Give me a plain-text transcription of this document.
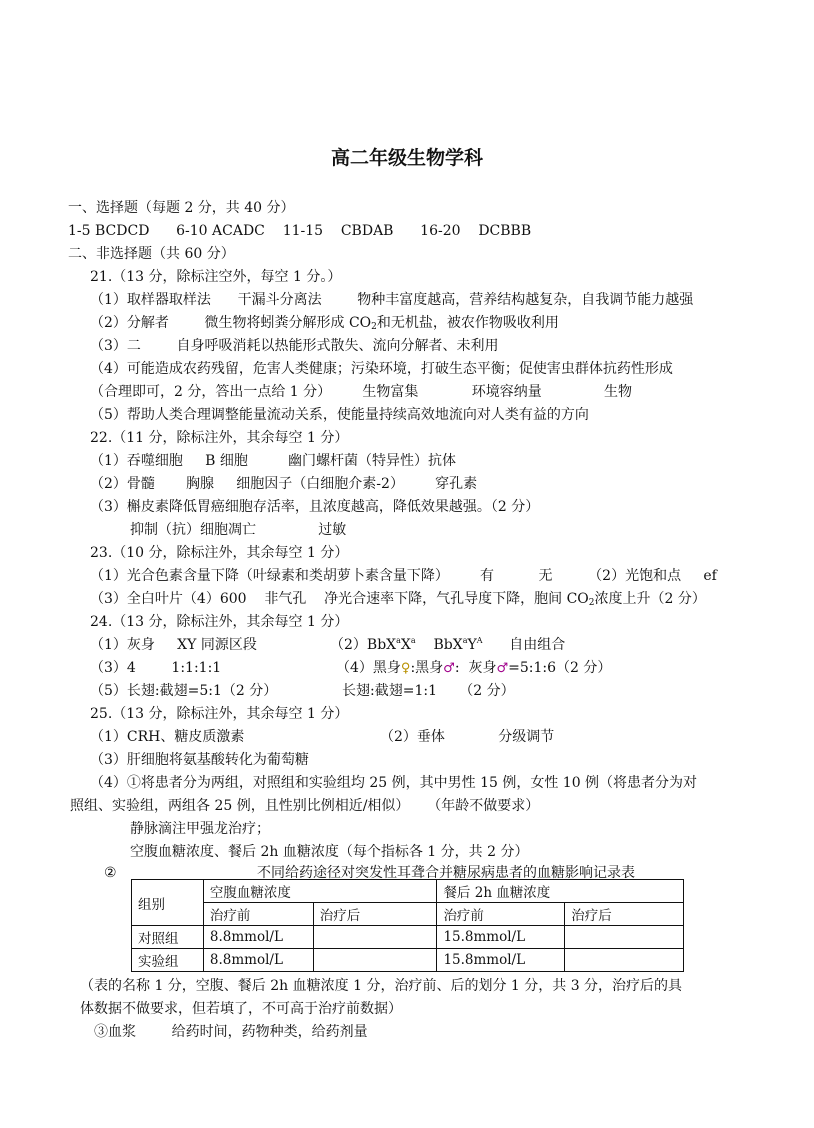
高二年级生物学科
一、选择题（每题 2 分，共 40 分）
1-5 BCDCD      6-10 ACADC    11-15    CBDAB      16-20    DCBBB
二、非选择题（共 60 分）
21.（13 分，除标注空外，每空 1 分。）
（1）取样器取样法      干漏斗分离法        物种丰富度越高，营养结构越复杂，自我调节能力越强
（2）分解者        微生物将蚓粪分解形成 $CO_2$和无机盐，被农作物吸收利用
（3）二        自身呼吸消耗以热能形式散失、流向分解者、未利用
（4）可能造成农药残留，危害人类健康；污染环境，打破生态平衡；促使害虫群体抗药性形成
（合理即可，2 分，答出一点给 1 分）       生物富集            环境容纳量              生物
（5）帮助人类合理调整能量流动关系，使能量持续高效地流向对人类有益的方向
22.（11 分，除标注外，其余每空 1 分）
（1）吞噬细胞     B 细胞         幽门螺杆菌（特异性）抗体
（2）骨髓       胸腺     细胞因子（白细胞介素-2）       穿孔素
（3）槲皮素降低胃癌细胞存活率，且浓度越高，降低效果越强。（2 分）
抑制（抗）细胞凋亡              过敏
23.（10 分，除标注外，其余每空 1 分）
（1）光合色素含量下降（叶绿素和类胡萝卜素含量下降）       有          无        （2）光饱和点     ef
（3）全白叶片（4）600    非气孔    净光合速率下降，气孔导度下降，胞间 $CO_2$浓度上升（2 分）
24.（13 分，除标注外，其余每空 1 分）
（1）灰身     XY 同源区段	$(2)BbX^aX^a$ $BbX^aY^A$ 自由组合
（3）4        1:1:1:1	（4）黑身♀:黑身♂:  灰身♂=5:1:6（2 分）
（5）长翅:截翅=5:1（2 分）	长翅:截翅=1:1     （2 分）
25.（13 分，除标注外，其余每空 1 分）
（1）CRH、糖皮质激素	（2）垂体            分级调节
（3）肝细胞将氨基酸转化为葡萄糖
（4）①将患者分为两组，对照组和实验组均 25 例，其中男性 15 例，女性 10 例（将患者分为对
照组、实验组，两组各 25 例，且性别比例相近/相似）    （年龄不做要求）
静脉滴注甲强龙治疗；
空腹血糖浓度、餐后 2h 血糖浓度（每个指标各 1 分，共 2 分）
②	不同给药途径对突发性耳聋合并糖尿病患者的血糖影响记录表
组别	空腹血糖浓度		餐后 2h 血糖浓度	
	治疗前	治疗后	治疗前	治疗后
对照组	8.8mmol/L		15.8mmol/L	
实验组	8.8mmol/L		15.8mmol/L	
（表的名称 1 分，空腹、餐后 2h 血糖浓度 1 分，治疗前、后的划分 1 分，共 3 分，治疗后的具
体数据不做要求，但若填了，不可高于治疗前数据）
③血浆        给药时间，药物种类，给药剂量
